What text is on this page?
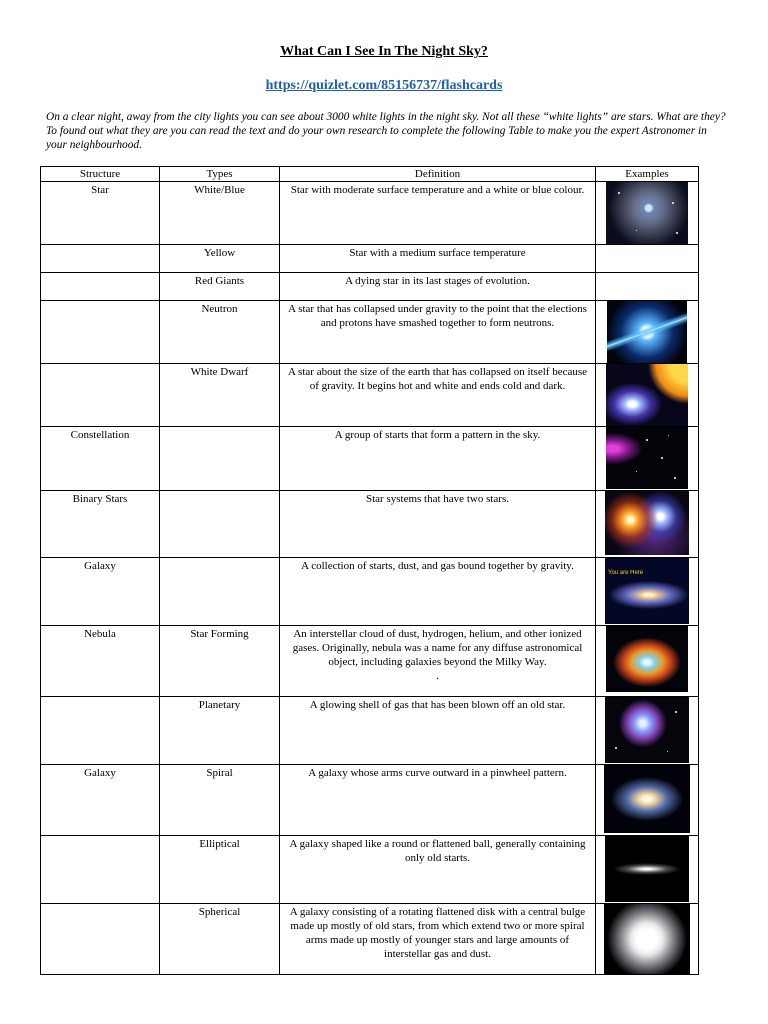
What Can I See In The Night Sky?
https://quizlet.com/85156737/flashcards
On a clear night, away from the city lights you can see about 3000 white lights in the night sky. Not all these “white lights” are stars. What are they? To found out what they are you can read the text and do your own research to complete the following Table to make you the expert Astronomer in your neighbourhood.
Structure	Types	Definition	Examples
Star	White/Blue	Star with moderate surface temperature and a white or blue colour.	

	Yellow	Star with a medium surface temperature	
	Red Giants	A dying star in its last stages of evolution.	
	Neutron	A star that has collapsed under gravity to the point that the elections and protons have smashed together to form neutrons.	

	White Dwarf	A star about the size of the earth that has collapsed on itself because of gravity. It begins hot and white and ends cold and dark.	

Constellation		A group of starts that form a pattern in the sky.	

Binary Stars		Star systems that have two stars.	

Galaxy		A collection of starts, dust, and gas bound together by gravity.	You are Here

Nebula	Star Forming	An interstellar cloud of dust, hydrogen, helium, and other ionized gases. Originally, nebula was a name for any diffuse astronomical object, including galaxies beyond the Milky Way.
.	

	Planetary	A glowing shell of gas that has been blown off an old star.	

Galaxy	Spiral	A galaxy whose arms curve outward in a pinwheel pattern.	

	Elliptical	A galaxy shaped like a round or flattened ball, generally containing only old starts.	

	Spherical	A galaxy consisting of a rotating flattened disk with a central bulge made up mostly of old stars, from which extend two or more spiral arms made up mostly of younger stars and large amounts of interstellar gas and dust.	
